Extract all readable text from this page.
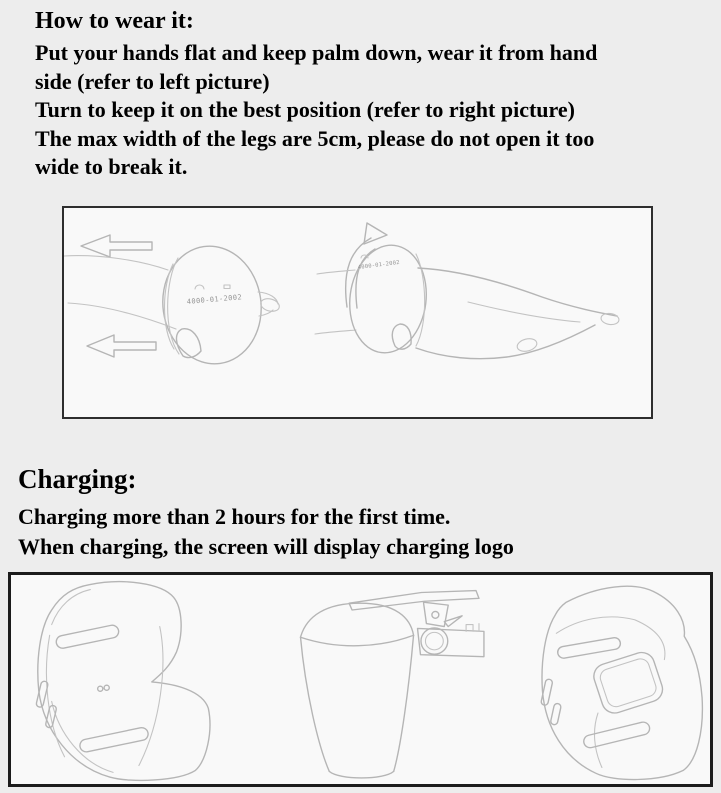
How to wear it:
Put your hands flat and keep palm down, wear it from hand
side (refer to left picture)
Turn to keep it on the best position (refer to right picture)
The max width of the legs are 5cm, please do not open it too
wide to break it.
4000-01-2002
4000-01-2002
Charging:
Charging more than 2 hours for the first time.
When charging, the screen will display charging logo
